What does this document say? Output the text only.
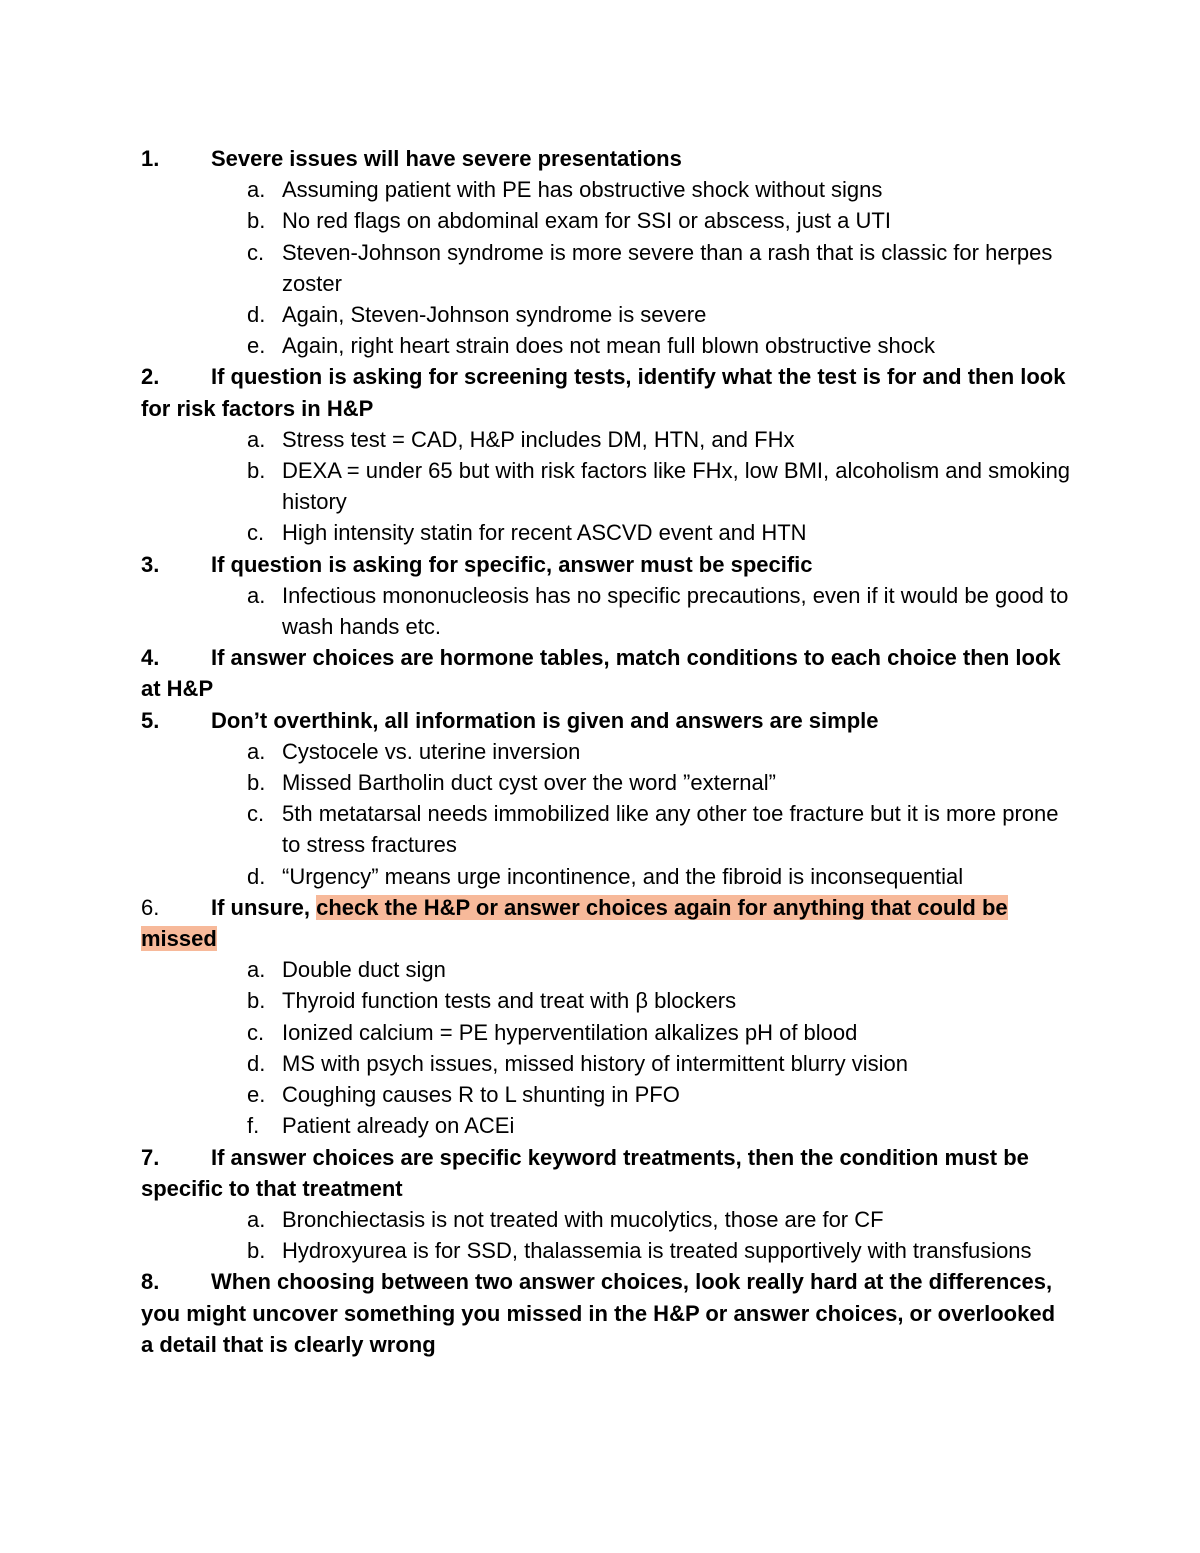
1. Severe issues will have severe presentations
a. Assuming patient with PE has obstructive shock without signs
b. No red flags on abdominal exam for SSI or abscess, just a UTI
c. Steven-Johnson syndrome is more severe than a rash that is classic for herpes zoster
d. Again, Steven-Johnson syndrome is severe
e. Again, right heart strain does not mean full blown obstructive shock
2. If question is asking for screening tests, identify what the test is for and then look for risk factors in H&P
a. Stress test = CAD, H&P includes DM, HTN, and FHx
b. DEXA = under 65 but with risk factors like FHx, low BMI, alcoholism and smoking history
c. High intensity statin for recent ASCVD event and HTN
3. If question is asking for specific, answer must be specific
a. Infectious mononucleosis has no specific precautions, even if it would be good to wash hands etc.
4. If answer choices are hormone tables, match conditions to each choice then look at H&P
5. Don’t overthink, all information is given and answers are simple
a. Cystocele vs. uterine inversion
b. Missed Bartholin duct cyst over the word ”external”
c. 5th metatarsal needs immobilized like any other toe fracture but it is more prone to stress fractures
d. “Urgency” means urge incontinence, and the fibroid is inconsequential
6. If unsure, check the H&P or answer choices again for anything that could be missed
a. Double duct sign
b. Thyroid function tests and treat with β blockers
c. Ionized calcium = PE hyperventilation alkalizes pH of blood
d. MS with psych issues, missed history of intermittent blurry vision
e. Coughing causes R to L shunting in PFO
f. Patient already on ACEi
7. If answer choices are specific keyword treatments, then the condition must be specific to that treatment
a. Bronchiectasis is not treated with mucolytics, those are for CF
b. Hydroxyurea is for SSD, thalassemia is treated supportively with transfusions
8. When choosing between two answer choices, look really hard at the differences, you might uncover something you missed in the H&P or answer choices, or overlooked a detail that is clearly wrong
